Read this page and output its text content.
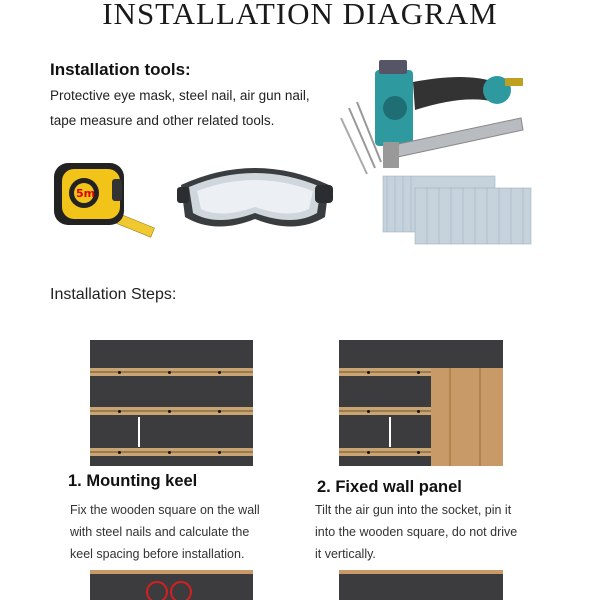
INSTALLATION DIAGRAM
Installation tools:
Protective eye mask, steel nail, air gun nail,
tape measure and other related tools.
5m
Installation Steps:
1. Mounting keel
Fix the wooden square on the wall
with steel nails and calculate the
keel spacing before installation.
2. Fixed wall panel
Tilt the air gun into the socket, pin it
into the wooden square, do not drive
it vertically.
